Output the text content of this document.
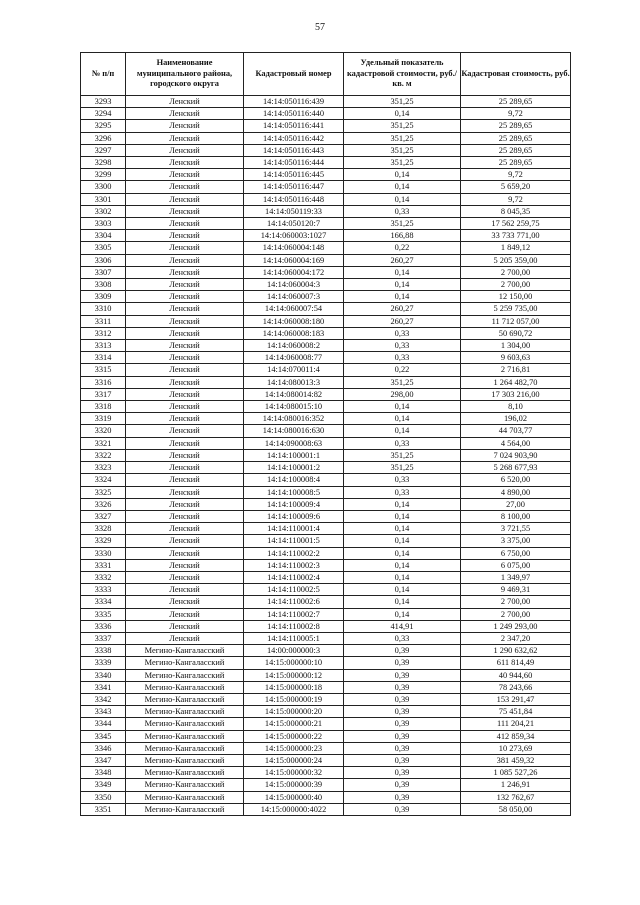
57
№ п/п	Наименование муниципального района, городского округа	Кадастровый номер	Удельный показатель кадастровой стоимости, руб./кв. м	Кадастровая стоимость, руб.
3293	Ленский	14:14:050116:439	351,25	25 289,65
3294	Ленский	14:14:050116:440	0,14	9,72
3295	Ленский	14:14:050116:441	351,25	25 289,65
3296	Ленский	14:14:050116:442	351,25	25 289,65
3297	Ленский	14:14:050116:443	351,25	25 289,65
3298	Ленский	14:14:050116:444	351,25	25 289,65
3299	Ленский	14:14:050116:445	0,14	9,72
3300	Ленский	14:14:050116:447	0,14	5 659,20
3301	Ленский	14:14:050116:448	0,14	9,72
3302	Ленский	14:14:050119:33	0,33	8 045,35
3303	Ленский	14:14:050120:7	351,25	17 562 259,75
3304	Ленский	14:14:060003:1027	166,88	33 733 771,00
3305	Ленский	14:14:060004:148	0,22	1 849,12
3306	Ленский	14:14:060004:169	260,27	5 205 359,00
3307	Ленский	14:14:060004:172	0,14	2 700,00
3308	Ленский	14:14:060004:3	0,14	2 700,00
3309	Ленский	14:14:060007:3	0,14	12 150,00
3310	Ленский	14:14:060007:54	260,27	5 259 735,00
3311	Ленский	14:14:060008:180	260,27	11 712 057,00
3312	Ленский	14:14:060008:183	0,33	50 690,72
3313	Ленский	14:14:060008:2	0,33	1 304,00
3314	Ленский	14:14:060008:77	0,33	9 603,63
3315	Ленский	14:14:070011:4	0,22	2 716,81
3316	Ленский	14:14:080013:3	351,25	1 264 482,70
3317	Ленский	14:14:080014:82	298,00	17 303 216,00
3318	Ленский	14:14:080015:10	0,14	8,10
3319	Ленский	14:14:080016:352	0,14	196,02
3320	Ленский	14:14:080016:630	0,14	44 703,77
3321	Ленский	14:14:090008:63	0,33	4 564,00
3322	Ленский	14:14:100001:1	351,25	7 024 903,90
3323	Ленский	14:14:100001:2	351,25	5 268 677,93
3324	Ленский	14:14:100008:4	0,33	6 520,00
3325	Ленский	14:14:100008:5	0,33	4 890,00
3326	Ленский	14:14:100009:4	0,14	27,00
3327	Ленский	14:14:100009:6	0,14	8 100,00
3328	Ленский	14:14:110001:4	0,14	3 721,55
3329	Ленский	14:14:110001:5	0,14	3 375,00
3330	Ленский	14:14:110002:2	0,14	6 750,00
3331	Ленский	14:14:110002:3	0,14	6 075,00
3332	Ленский	14:14:110002:4	0,14	1 349,97
3333	Ленский	14:14:110002:5	0,14	9 469,31
3334	Ленский	14:14:110002:6	0,14	2 700,00
3335	Ленский	14:14:110002:7	0,14	2 700,00
3336	Ленский	14:14:110002:8	414,91	1 249 293,00
3337	Ленский	14:14:110005:1	0,33	2 347,20
3338	Мегино-Кангаласский	14:00:000000:3	0,39	1 290 632,62
3339	Мегино-Кангаласский	14:15:000000:10	0,39	611 814,49
3340	Мегино-Кангаласский	14:15:000000:12	0,39	40 944,60
3341	Мегино-Кангаласский	14:15:000000:18	0,39	78 243,66
3342	Мегино-Кангаласский	14:15:000000:19	0,39	153 291,47
3343	Мегино-Кангаласский	14:15:000000:20	0,39	75 451,84
3344	Мегино-Кангаласский	14:15:000000:21	0,39	111 204,21
3345	Мегино-Кангаласский	14:15:000000:22	0,39	412 859,34
3346	Мегино-Кангаласский	14:15:000000:23	0,39	10 273,69
3347	Мегино-Кангаласский	14:15:000000:24	0,39	381 459,32
3348	Мегино-Кангаласский	14:15:000000:32	0,39	1 085 527,26
3349	Мегино-Кангаласский	14:15:000000:39	0,39	1 246,91
3350	Мегино-Кангаласский	14:15:000000:40	0,39	132 762,67
3351	Мегино-Кангаласский	14:15:000000:4022	0,39	58 050,00
